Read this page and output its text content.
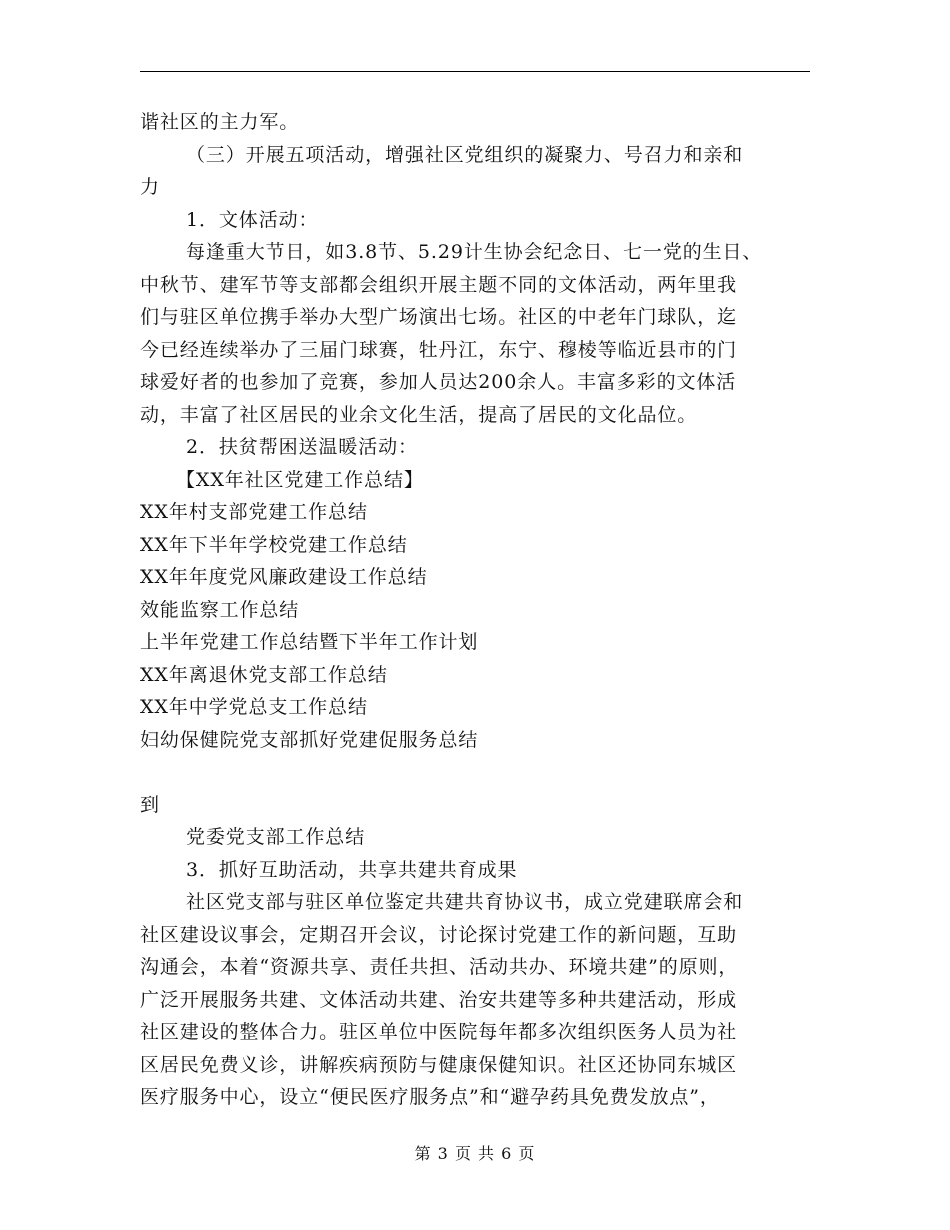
谐社区的主力军。
（三）开展五项活动，增强社区党组织的凝聚力、号召力和亲和
力
1．文体活动：
每逢重大节日，如3.8节、5.29计生协会纪念日、七一党的生日、
中秋节、建军节等支部都会组织开展主题不同的文体活动，两年里我
们与驻区单位携手举办大型广场演出七场。社区的中老年门球队，迄
今已经连续举办了三届门球赛，牡丹江，东宁、穆棱等临近县市的门
球爱好者的也参加了竞赛，参加人员达200余人。丰富多彩的文体活
动，丰富了社区居民的业余文化生活，提高了居民的文化品位。
2．扶贫帮困送温暖活动：
【XX年社区党建工作总结】
XX年村支部党建工作总结
XX年下半年学校党建工作总结
XX年年度党风廉政建设工作总结
效能监察工作总结
上半年党建工作总结暨下半年工作计划
XX年离退休党支部工作总结
XX年中学党总支工作总结
妇幼保健院党支部抓好党建促服务总结
到
党委党支部工作总结
3．抓好互助活动，共享共建共育成果
社区党支部与驻区单位鉴定共建共育协议书，成立党建联席会和
社区建设议事会，定期召开会议，讨论探讨党建工作的新问题，互助
沟通会，本着“资源共享、责任共担、活动共办、环境共建”的原则，
广泛开展服务共建、文体活动共建、治安共建等多种共建活动，形成
社区建设的整体合力。驻区单位中医院每年都多次组织医务人员为社
区居民免费义诊，讲解疾病预防与健康保健知识。社区还协同东城区
医疗服务中心，设立“便民医疗服务点”和“避孕药具免费发放点”，
第 3 页 共 6 页
